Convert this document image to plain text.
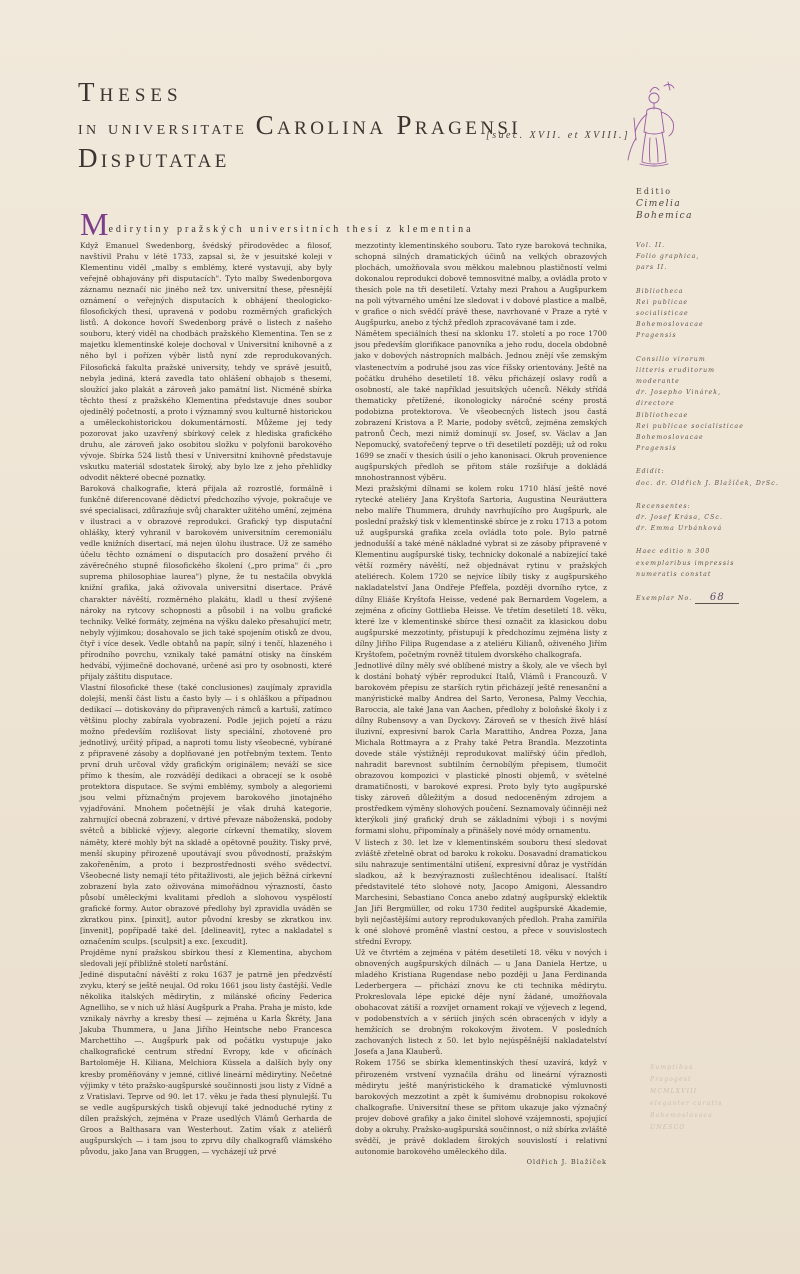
Theses
in universitate Carolina Pragensi Disputatae
[saec. XVII. et XVIII.]
Editio
Cimelia
Bohemica
Medirytiny pražských universitních thesí z klementina

Když Emanuel Swedenborg, švédský přírodovědec a filosof, navštívil Prahu v létě 1733, zapsal si, že v jesuitské koleji v Klementinu viděl „malby s emblémy, které vystavují, aby byly veřejně obhajovány při disputacích". Tyto malby Swedenborgova záznamu neznačí nic jiného než tzv. universitní these, přesnější oznámení o veřejných disputacích k obhájení theologicko-filosofických thesí, upravená v podobu rozměrných grafických listů. A dokonce hovoří Swedenborg právě o listech z našeho souboru, který viděl na chodbách pražského Klementina. Ten se z majetku klementinské koleje dochoval v Universitní knihovně a z něho byl i pořízen výběr listů nyní zde reprodukovaných. Filosofická fakulta pražské university, tehdy ve správě jesuitů, nebyla jediná, která zavedla tato ohlášení obhajob s thesemi, sloužící jako plakát a zároveň jako památní list. Nicméně sbírka těchto thesí z pražského Klementina představuje dnes soubor ojedinělý početností, a proto i významný svou kulturně historickou a uměleckohistorickou dokumentárností. Můžeme jej tedy pozorovat jako uzavřený sbírkový celek z hlediska grafického druhu, ale zároveň jako osobitou složku v polyfonii barokového vývoje. Sbírka 524 listů thesí v Universitní knihovně představuje vskutku materiál sdostatek široký, aby bylo lze z jeho přehlídky odvodit některé obecné poznatky.

Baroková chalkografie, která přijala až rozrostlé, formálně i funkčně diferencované dědictví předchozího vývoje, pokračuje ve své specialisaci, zdůrazňuje svůj charakter užitého umění, zejména v ilustraci a v obrazové reprodukci. Grafický typ disputační ohlášky, který vyhranil v barokovém universitním ceremoniálu vedle knižních disertací, má nejen úlohu ilustrace. Už ze samého účelu těchto oznámení o disputacích pro dosažení prvého či závěrečného stupně filosofického školení („pro prima" či „pro suprema philosophiae laurea") plyne, že tu nestačila obvyklá knižní grafika, jaká oživovala universitní disertace. Právě charakter návěští, rozměrného plakátu, kladl u thesí zvýšené nároky na rytcovy schopnosti a působil i na volbu grafické techniky. Velké formáty, zejména na výšku daleko přesahující metr, nebyly výjimkou; dosahovalo se jich také spojením otisků ze dvou, čtyř i více desek. Vedle obtahů na papír, silný i tenčí, hlazeného i přírodního povrchu, vznikaly také památní otisky na čínském hedvábí, výjimečně dochované, určené asi pro ty osobnosti, které přijaly záštitu disputace.

Vlastní filosofické these (také conclusiones) zaujímaly zpravidla dolejší, menší část listu a často byly — i s ohláškou a případnou dedikací — dotiskovány do připravených rámců a kartuší, zatímco většinu plochy zabírala vyobrazení. Podle jejich pojetí a rázu možno především rozlišovat listy speciální, zhotovené pro jednotlivý, určitý případ, a naproti tomu listy všeobecné, vybírané z připravené zásoby a doplňované jen potřebným textem. Tento první druh určoval vždy grafickým originálem; neváží se sice přímo k thesím, ale rozvádějí dedikaci a obracejí se k osobě protektora disputace. Se svými emblémy, symboly a alegoriemi jsou velmi příznačným projevem barokového jinotajného vyjadřování. Mnohem početnější je však druhá kategorie, zahrnující obecná zobrazení, v drtivé převaze náboženská, podoby světců a biblické výjevy, alegorie církevní thematiky, slovem náměty, které mohly být na skladě a opětovně použity. Tisky prvé, menší skupiny přirozeně upoutávají svou původností, pražským zakořeněním, a proto i bezprostřednosti svého svědectví. Všeobecné listy nemají této přitažlivosti, ale jejich běžná církevní zobrazení byla zato oživována mimořádnou výrazností, často působí uměleckými kvalitami předloh a slohovou vyspělostí grafické formy. Autor obrazové předlohy byl zpravidla uváděn se zkratkou pinx. [pinxit], autor původní kresby se zkratkou inv. [invenit], popřípadě také del. [delineavit], rytec a nakladatel s označením sculps. [sculpsit] a exc. [excudit].

Projděme nyní pražskou sbírkou thesí z Klementina, abychom sledovali její přibližně století narůstání.

Jediné disputační návěští z roku 1637 je patrně jen předzvěstí zvyku, který se ještě neujal. Od roku 1661 jsou listy častější. Vedle několika italských mědirytin, z milánské oficíny Federica Agnelliho, se v nich už hlásí Augšpurk a Praha. Praha je místo, kde vznikaly návrhy a kresby thesí — zejména u Karla Škréty, Jana Jakuba Thummera, u Jana Jiřího Heintsche nebo Francesca Marchettiho —. Augšpurk pak od počátku vystupuje jako chalkografické centrum střední Evropy, kde v oficínách Bartoloměje H. Kiliana, Melchiora Küssela a dalších byly ony kresby proměňovány v jemné, citlivé lineární mědirytiny. Nečetné výjimky v této pražsko-augšpurské součinnosti jsou listy z Vídně a z Vratislavi. Teprve od 90. let 17. věku je řada thesí plynulejší. Tu se vedle augšpurských tisků objevují také jednoduché rytiny z dílen pražských, zejména v Praze usedlých Vlámů Gerharda de Groos a Balthasara van Westerhout. Zatím však z ateliérů augšpurských — i tam jsou to zprvu díly chalkografů vlámského původu, jako Jana van Bruggen, — vycházejí už prvé

mezzotinty klementinského souboru. Tato ryze baroková technika, schopná silných dramatických účinů na velkých obrazových plochách, umožňovala svou měkkou malebnou plastičností velmi dokonalou reprodukci dobově temnosvitné malby, a ovládla proto v thesích pole na tři desetiletí. Vztahy mezi Prahou a Augšpurkem na poli výtvarného umění lze sledovat i v dobové plastice a malbě, v grafice o nich svědčí právě these, navrhované v Praze a ryté v Augšpurku, anebo z týchž předloh zpracovávané tam i zde.

Námětem speciálních thesí na sklonku 17. století a po roce 1700 jsou především glorifikace panovníka a jeho rodu, docela obdobně jako v dobových nástropních malbách. Jednou znějí vše zemským vlastenectvím a podruhé jsou zas více říšsky orientovány. Ještě na počátku druhého desetiletí 18. věku přicházejí oslavy rodů a osobností, ale také například jesuitských učenců. Někdy střídá thematicky přetížené, ikonologicky náročné scény prostá podobizna protektorova. Ve všeobecných listech jsou častá zobrazení Kristova a P. Marie, podoby světců, zejména zemských patronů Čech, mezi nimiž dominují sv. Josef, sv. Václav a Jan Nepomucký, svatořečený teprve o tři desetiletí později; už od roku 1699 se značí v thesích úsilí o jeho kanonisaci. Okruh provenience augšpurských předloh se přitom stále rozšiřuje a dokládá mnohostrannost výběru.

Mezi pražskými dílnami se kolem roku 1710 hlásí ještě nové rytecké ateliéry Jana Kryštofa Sartoria, Augustina Neuräuttera nebo malíře Thummera, druhdy navrhujícího pro Augšpurk, ale poslední pražský tisk v klementinské sbírce je z roku 1713 a potom už augšpurská grafika zcela ovládla toto pole. Bylo patrně jednodušší a také méně nákladné vybrat si ze zásoby připravené v Klementinu augšpurské tisky, technicky dokonalé a nabízející také větší rozměry návěští, než objednávat rytinu v pražských ateliérech. Kolem 1720 se nejvíce líbily tisky z augšpurského nakladatelství Jana Ondřeje Pfeffela, později dvorního rytce, z dílny Eliáše Kryštofa Heisse, vedené pak Bernardem Vogelem, a zejména z oficíny Gottlieba Heisse. Ve třetím desetiletí 18. věku, které lze v klementinské sbírce thesí označit za klasickou dobu augšpurské mezzotinty, přistupují k předchozímu zejména listy z dílny Jiřího Filipa Rugendase a z ateliéru Kilianů, oživeného Jiřím Kryštofem, početným rovněž titulem dvorského chalkografa.

Jednotlivé dílny měly své oblíbené mistry a školy, ale ve všech byl k dostání bohatý výběr reprodukcí Italů, Vlámů i Francouzů. V barokovém přepisu ze starších rytin přicházejí ještě renesanční a manýristické malby Andrea del Sarto, Veronesa, Palmy Vecchia, Baroccia, ale také Jana van Aachen, předlohy z boloňské školy i z dílny Rubensovy a van Dyckovy. Zároveň se v thesích živě hlásí iluzivní, expresivní barok Carla Marattiho, Andrea Pozza, Jana Michala Rottmayra a z Prahy také Petra Brandla. Mezzotinta dovede stále výstižněji reprodukovat malířský účin předloh, nahradit barevnost subtilním černobílým přepisem, tlumočit obrazovou kompozici v plastické plnosti objemů, v světelné dramatičnosti, v barokové expresi. Proto byly tyto augšpurské tisky zároveň důležitým a dosud nedoceněným zdrojem a prostředkem výměny slohových poučení. Seznamovaly účinněji než kterýkoli jiný grafický druh se základními výboji i s novými formami slohu, připomínaly a přinášely nové módy ornamentu.

V listech z 30. let lze v klementinském souboru thesí sledovat zvláště zřetelně obrat od baroku k rokoku. Dosavadní dramatickou silu nahrazuje sentimentální utišení, expresivní důraz je vystřídán sladkou, až k bezvýraznosti zušlechtěnou idealisací. Italští představitelé této slohové noty, Jacopo Amigoni, Alessandro Marchesini, Sebastiano Conca anebo zdatný augšpurský eklektik Jan Jiří Bergmüller, od roku 1730 ředitel augšpurské Akademie, byli nejčastějšími autory reprodukovaných předloh. Praha zamířila k oné slohové proměně vlastní cestou, a přece v souvislostech střední Evropy.

Už ve čtvrtém a zejména v pátém desetiletí 18. věku v nových i obnovených augšpurských dílnách — u Jana Daniela Hertze, u mladého Kristiana Rugendase nebo později u Jana Ferdinanda Lederbergera — přichází znovu ke cti technika mědirytu. Prokreslovala lépe epické děje nyní žádané, umožňovala obohacovat zátiší a rozvíjet ornament rokají ve výjevech z legend, v podobenstvích a v sériích jiných scén obracených v idyly a hemžících se drobným rokokovým životem. V posledních zachovaných listech z 50. let bylo nejúspěšnější nakladatelství Josefa a Jana Klauberů.

Rokem 1756 se sbírka klementinských thesí uzavírá, když v přirozeném vrstvení vyznačila dráhu od lineární výraznosti mědirytu ještě manýristického k dramatické výmluvnosti barokových mezzotint a zpět k šumivému drobnopisu rokokové chalkografie. Universitní these se přitom ukazuje jako význačný projev dobové grafiky a jako činitel slohové vzájemnosti, spojující doby a okruhy. Pražsko-augšpurská součinnost, o níž sbírka zvláště svědčí, je právě dokladem širokých souvislostí i relativní autonomie barokového uměleckého díla.

Oldřich J. Blažíček
Vol. II.
Folio graphica,
pars II.
Bibliotheca
Rei publicae
socialisticae
Bohemoslovacae
Pragensis
Consilio virorum
litteris eruditorum
moderante
dr. Josepho Vinárek,
directore
Bibliothecae
Rei publicae socialisticae
Bohemoslovacae
Pragensis
Edidit:
doc. dr. Oldřich J. Blažíček, DrSc.
Recensentes:
dr. Josef Krása, CSc.
dr. Emma Urbánková
Haec editio n 300
exemplaribus impressis
numeratis constat
Exemplar No. 68
Sumptibus
Pragogest
MCMLXVIII
eleganter curatis
Bohemoslovaca
UNESCO
